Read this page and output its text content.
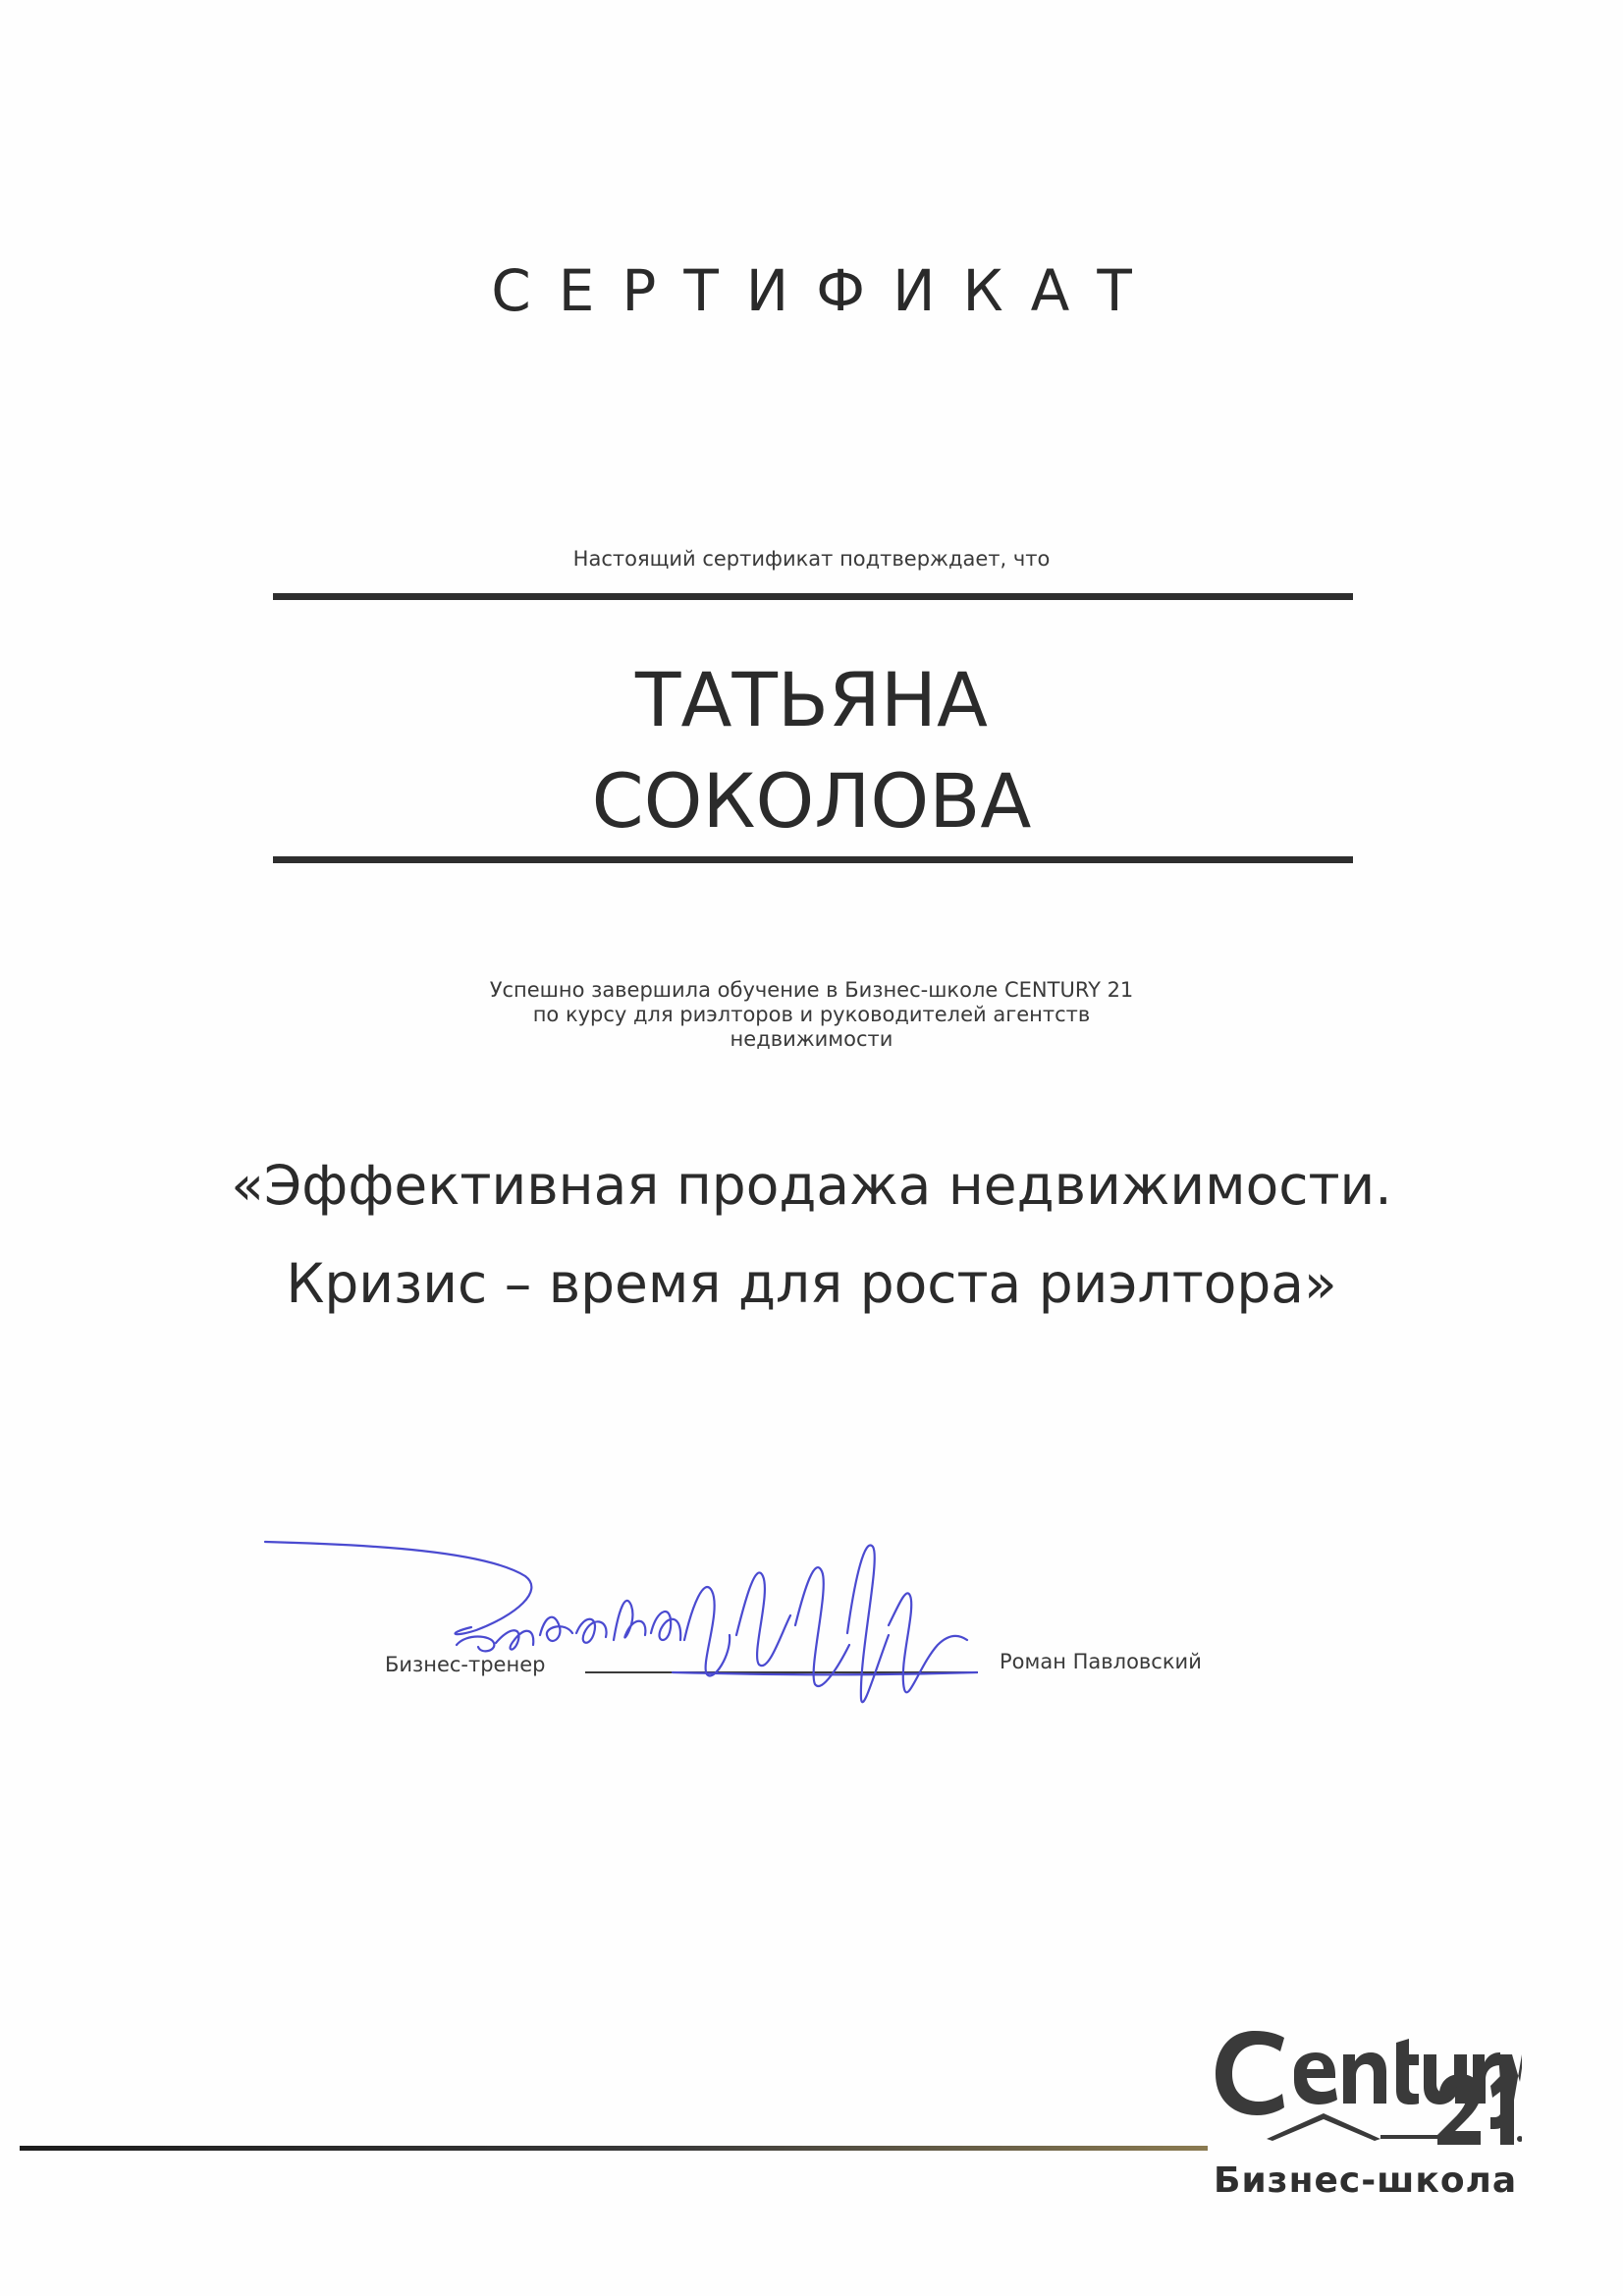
СЕРТИФИКАТ
Настоящий сертификат подтверждает, что
ТАТЬЯНА
СОКОЛОВА
Успешно завершила обучение в Бизнес-школе CENTURY 21
по курсу для риэлторов и руководителей агентств
недвижимости
«Эффективная продажа недвижимости.
Кризис – время для роста риэлтора»
Бизнес-тренер	Роман Павловский
Бизнес-школа
